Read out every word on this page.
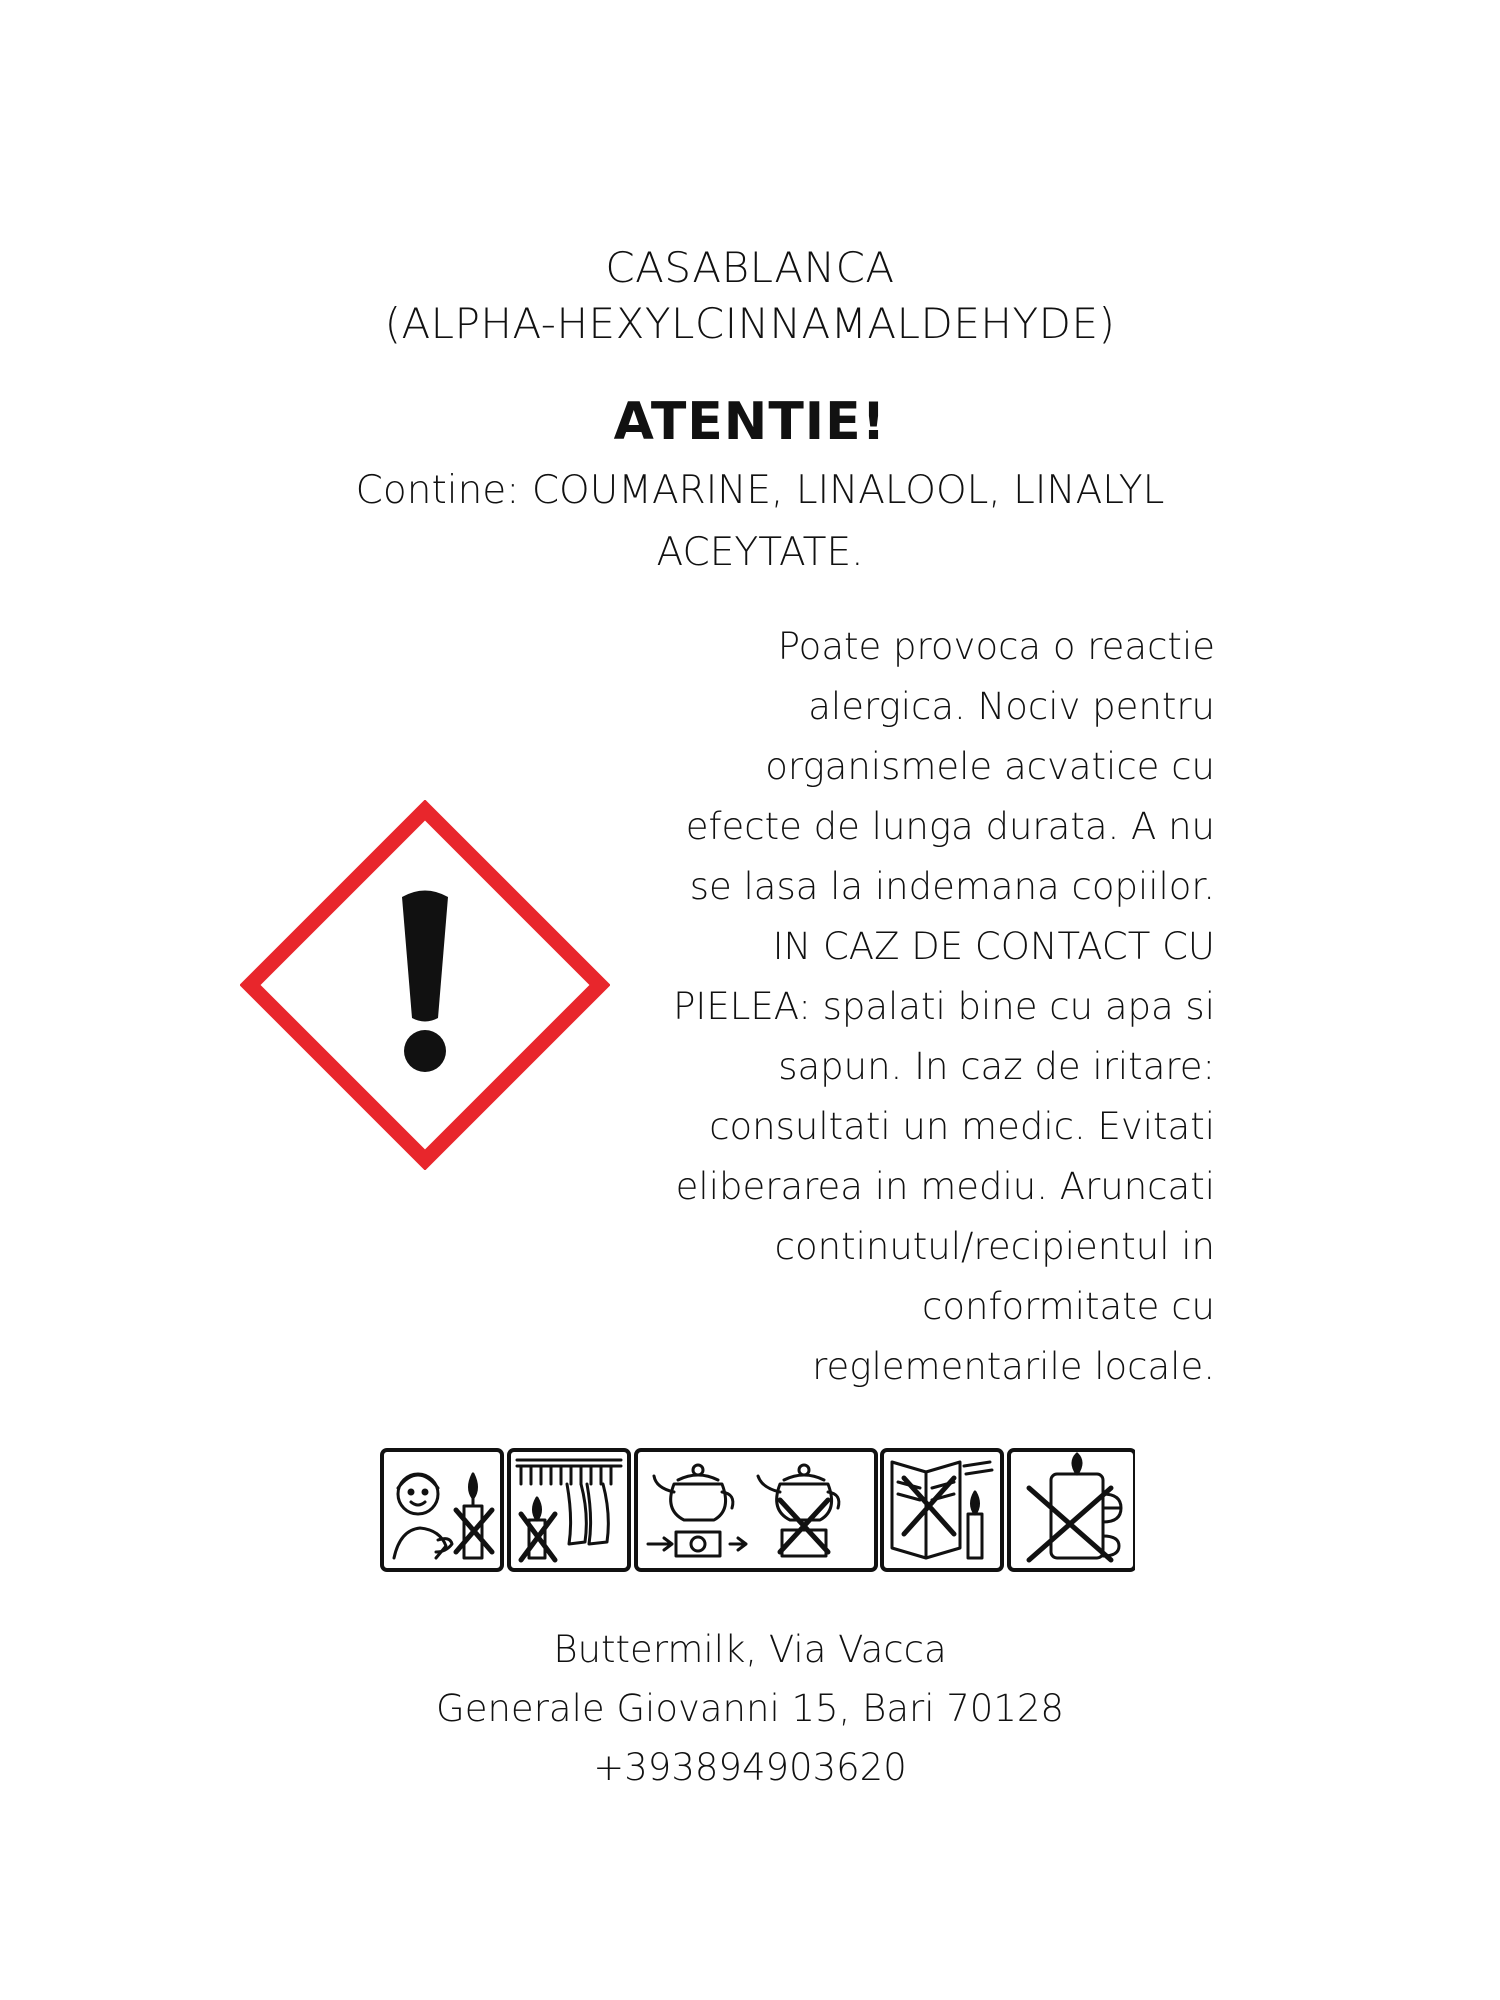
CASABLANCA
(ALPHA-HEXYLCINNAMALDEHYDE)
ATENTIE!
Contine: COUMARINE, LINALOOL, LINALYL
ACEYTATE.
Poate provoca o reactie
alergica. Nociv pentru
organismele acvatice cu
efecte de lunga durata. A nu
se lasa la indemana copiilor.
IN CAZ DE CONTACT CU
PIELEA: spalati bine cu apa si
sapun. In caz de iritare:
consultati un medic. Evitati
eliberarea in mediu. Aruncati
continutul/recipientul in
conformitate cu
reglementarile locale.
Buttermilk, Via Vacca
Generale Giovanni 15, Bari 70128
+393894903620
